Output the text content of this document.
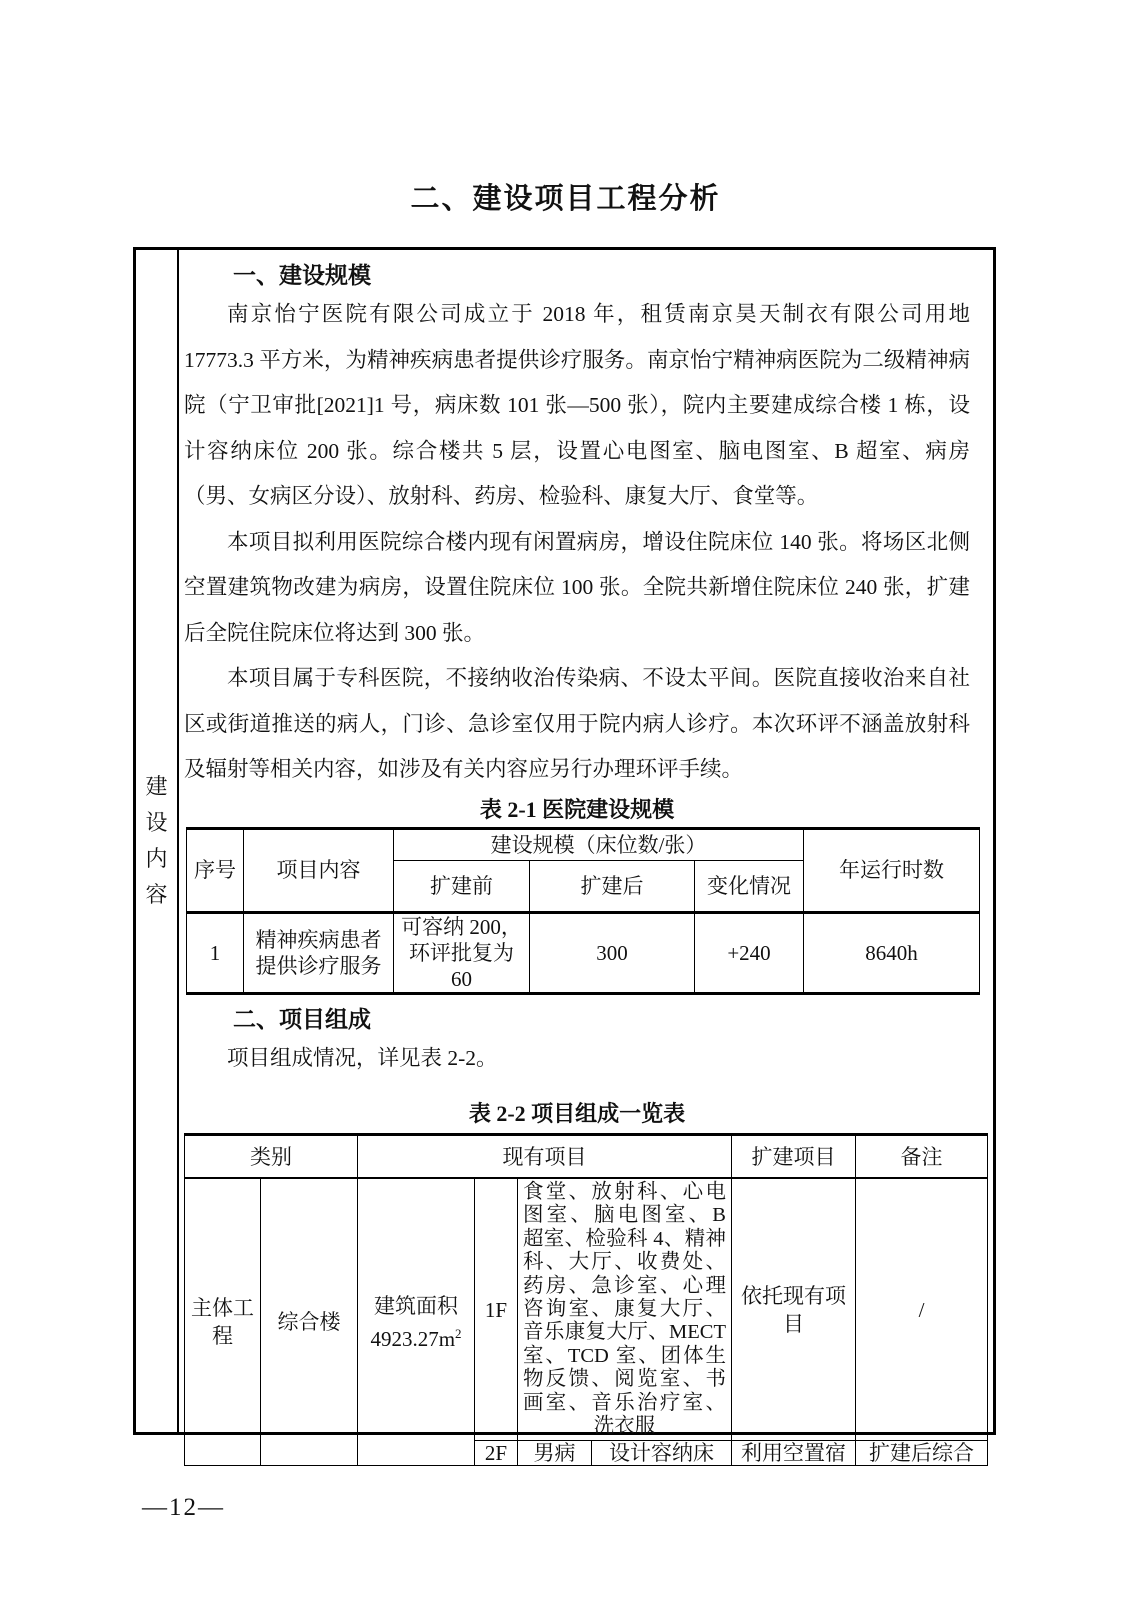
二、建设项目工程分析
建
设
内
容
一、建设规模

南京怡宁医院有限公司成立于 2018 年，租赁南京昊天制衣有限公司用地 17773.3 平方米，为精神疾病患者提供诊疗服务。南京怡宁精神病医院为二级精神病院（宁卫审批[2021]1 号，病床数 101 张—500 张），院内主要建成综合楼 1 栋，设计容纳床位 200 张。综合楼共 5 层，设置心电图室、脑电图室、B 超室、病房（男、女病区分设）、放射科、药房、检验科、康复大厅、食堂等。

本项目拟利用医院综合楼内现有闲置病房，增设住院床位 140 张。将场区北侧空置建筑物改建为病房，设置住院床位 100 张。全院共新增住院床位 240 张，扩建后全院住院床位将达到 300 张。

本项目属于专科医院，不接纳收治传染病、不设太平间。医院直接收治来自社区或街道推送的病人，门诊、急诊室仅用于院内病人诊疗。本次环评不涵盖放射科及辐射等相关内容，如涉及有关内容应另行办理环评手续。

表 2-1 医院建设规模
序号	项目内容	建设规模（床位数/张）			年运行时数
		扩建前	扩建后	变化情况	
1	精神疾病患者提供诊疗服务	可容纳 200，环评批复为 60	300	+240	8640h
二、项目组成

项目组成情况，详见表 2-2。

表 2-2 项目组成一览表
类别		现有项目				扩建项目	备注
主体工程	综合楼	建筑面积 $4923.27m^2$	1F	食堂、放射科、心电图室、脑电图室、B 超室、检验科 4、精神科、大厅、收费处、药房、急诊室、心理咨询室、康复大厅、音乐康复大厅、MECT 室、TCD 室、团体生物反馈、阅览室、书画室、音乐治疗室、洗衣服		依托现有项目	/
			2F	男病	设计容纳床	利用空置宿	扩建后综合
—12—
